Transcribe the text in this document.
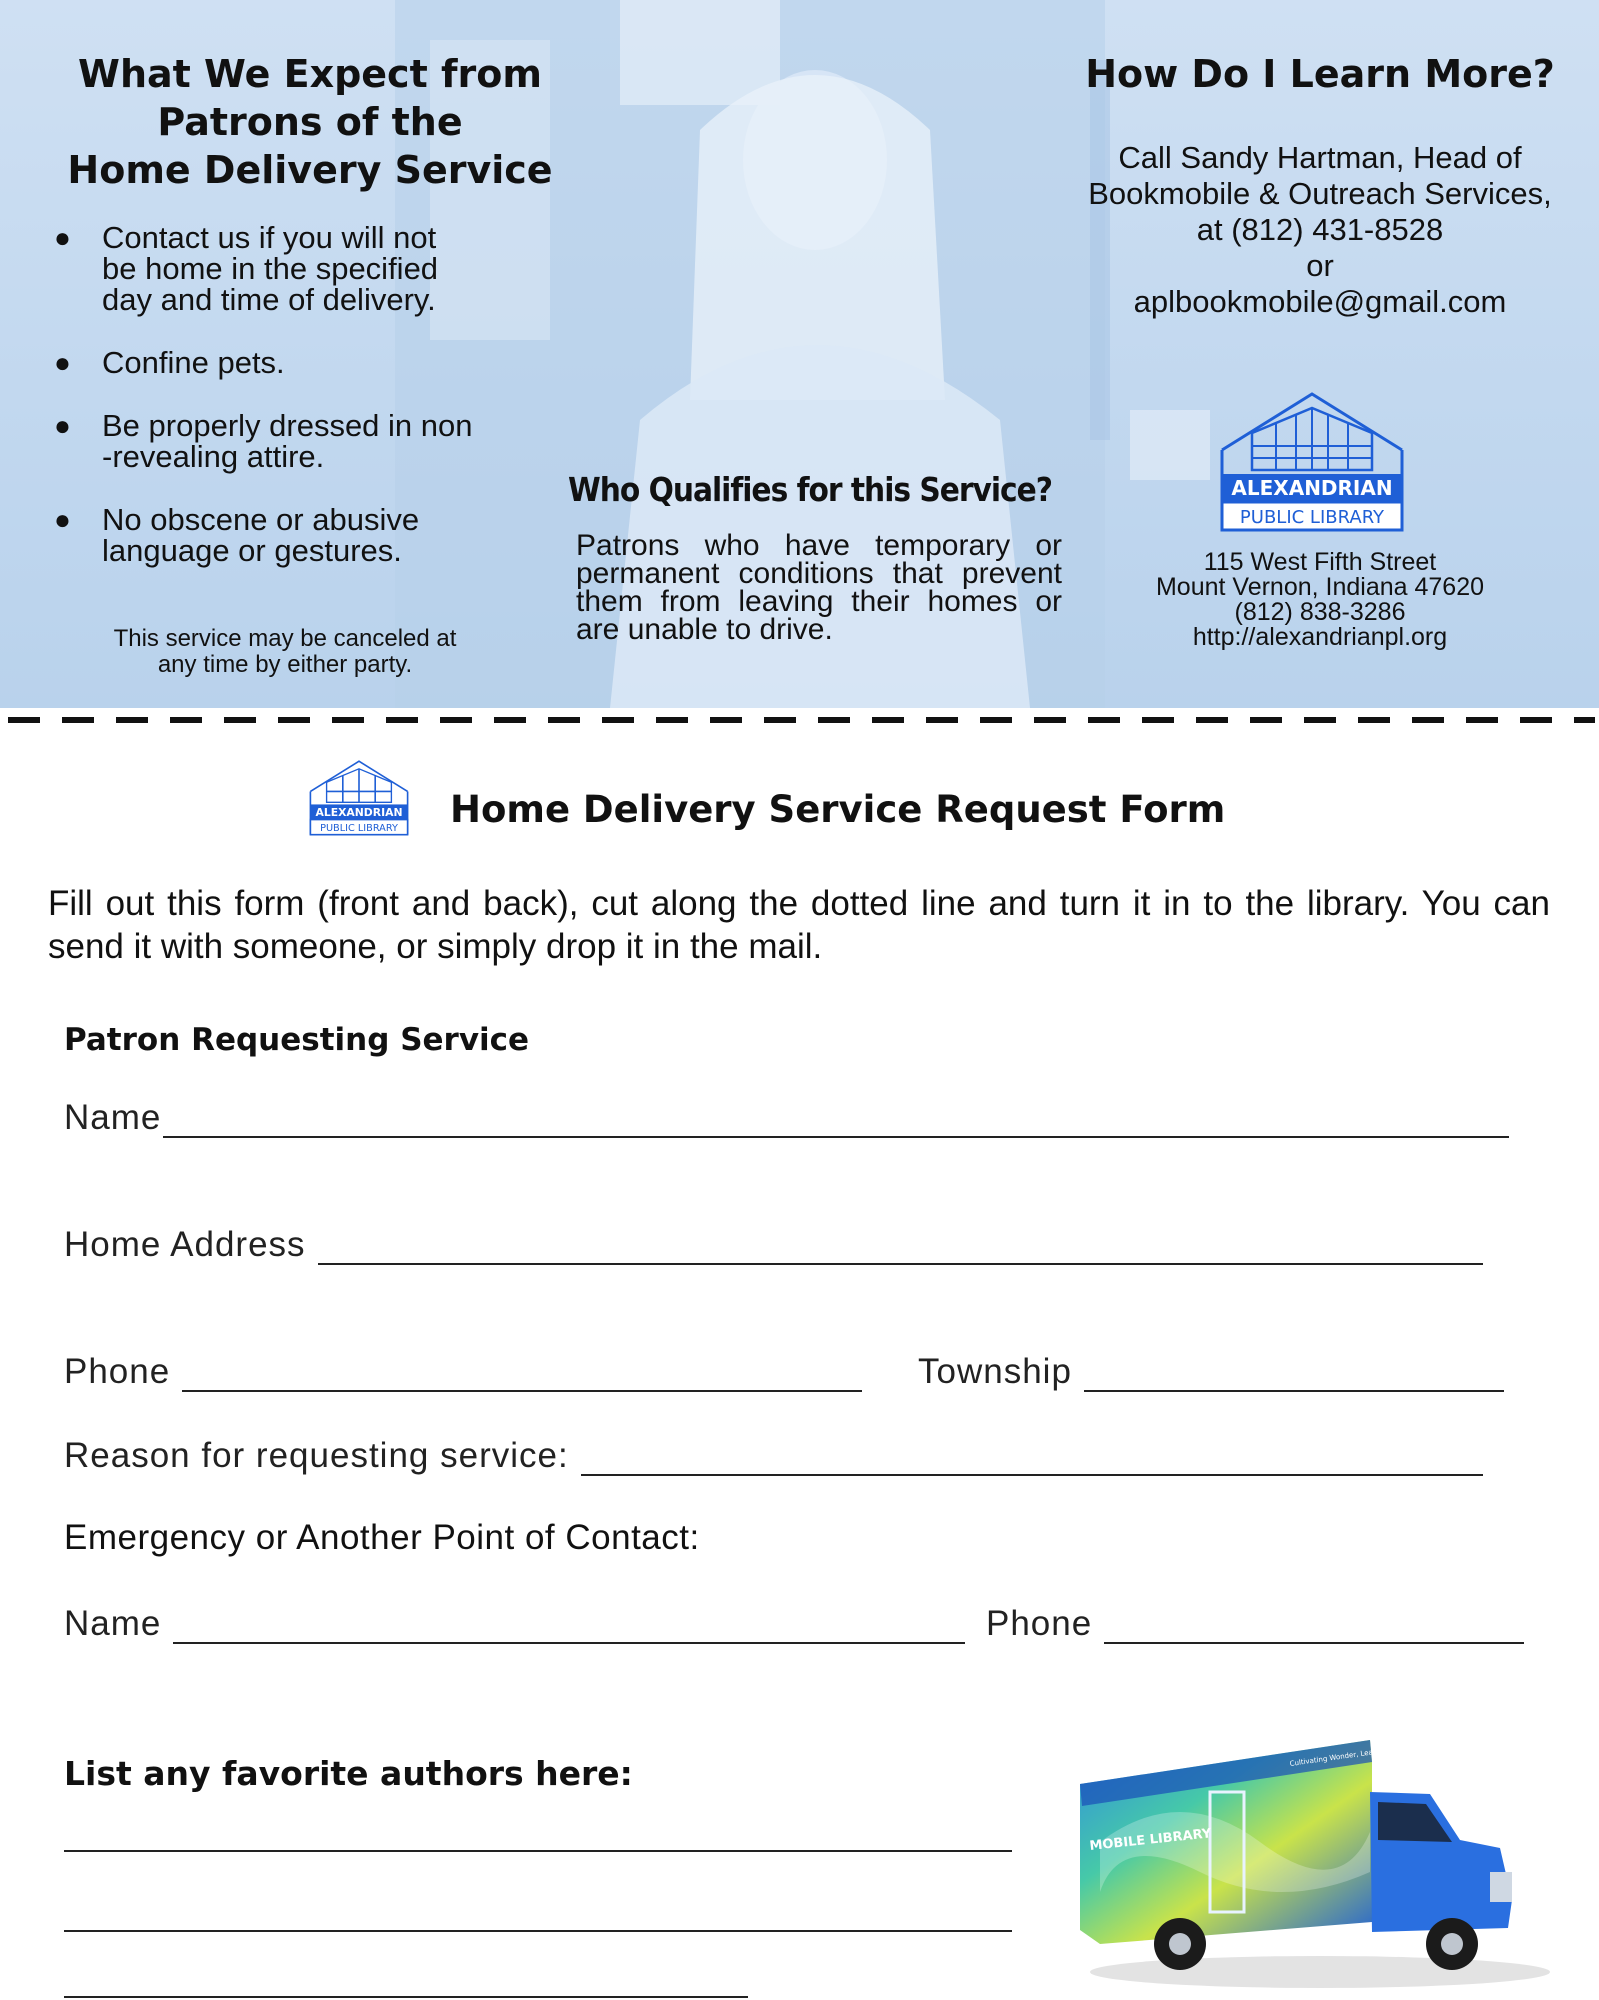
What We Expect from
Patrons of the
Home Delivery Service
● Contact us if you will not
be home in the specified
day and time of delivery.
● Confine pets.
● Be properly dressed in non
-revealing attire.
● No obscene or abusive
language or gestures.
This service may be canceled at
any time by either party.
Who Qualifies for this Service?
Patrons who have temporary or permanent conditions that prevent them from leaving their homes or are unable to drive.
How Do I Learn More?
Call Sandy Hartman, Head of
Bookmobile & Outreach Services,
at (812) 431-8528
or
aplbookmobile@gmail.com
ALEXANDRIAN
PUBLIC LIBRARY
115 West Fifth Street
Mount Vernon, Indiana 47620
(812) 838-3286
http://alexandrianpl.org
ALEXANDRIAN
PUBLIC LIBRARY Home Delivery Service Request Form
Fill out this form (front and back), cut along the dotted line and turn it in to the library. You can send it with someone, or simply drop it in the mail.
Patron Requesting Service
Name
Home Address
Phone	Township
Reason for requesting service:
Emergency or Another Point of Contact:
Name	Phone
List any favorite authors here:
MOBILE LIBRARY
Cultivating Wonder, Learning, and Community
